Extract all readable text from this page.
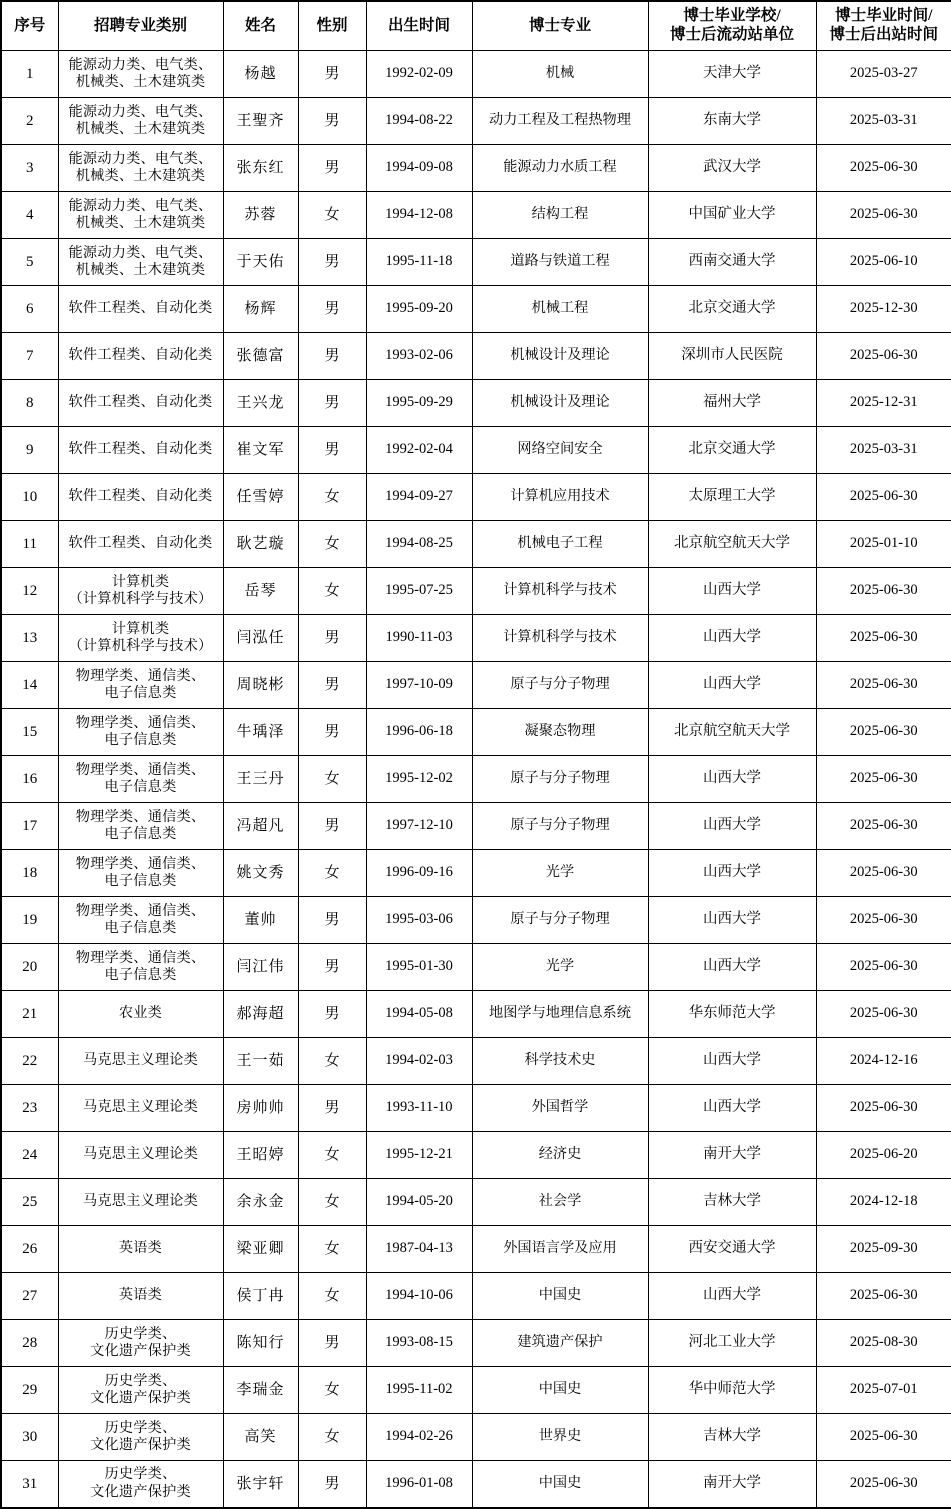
序号	招聘专业类别	姓名	性别	出生时间	博士专业	博士毕业学校/
博士后流动站单位	博士毕业时间/
博士后出站时间

1	能源动力类、电气类、
机械类、土木建筑类	杨越	男	1992-02-09	机械	天津大学	2025-03-27
2	能源动力类、电气类、
机械类、土木建筑类	王聖齐	男	1994-08-22	动力工程及工程热物理	东南大学	2025-03-31
3	能源动力类、电气类、
机械类、土木建筑类	张东红	男	1994-09-08	能源动力水质工程	武汉大学	2025-06-30
4	能源动力类、电气类、
机械类、土木建筑类	苏蓉	女	1994-12-08	结构工程	中国矿业大学	2025-06-30
5	能源动力类、电气类、
机械类、土木建筑类	于天佑	男	1995-11-18	道路与铁道工程	西南交通大学	2025-06-10
6	软件工程类、自动化类	杨辉	男	1995-09-20	机械工程	北京交通大学	2025-12-30
7	软件工程类、自动化类	张德富	男	1993-02-06	机械设计及理论	深圳市人民医院	2025-06-30
8	软件工程类、自动化类	王兴龙	男	1995-09-29	机械设计及理论	福州大学	2025-12-31
9	软件工程类、自动化类	崔文军	男	1992-02-04	网络空间安全	北京交通大学	2025-03-31
10	软件工程类、自动化类	任雪婷	女	1994-09-27	计算机应用技术	太原理工大学	2025-06-30
11	软件工程类、自动化类	耿艺璇	女	1994-08-25	机械电子工程	北京航空航天大学	2025-01-10
12	计算机类
（计算机科学与技术）	岳琴	女	1995-07-25	计算机科学与技术	山西大学	2025-06-30
13	计算机类
（计算机科学与技术）	闫泓任	男	1990-11-03	计算机科学与技术	山西大学	2025-06-30
14	物理学类、通信类、
电子信息类	周晓彬	男	1997-10-09	原子与分子物理	山西大学	2025-06-30
15	物理学类、通信类、
电子信息类	牛瑀泽	男	1996-06-18	凝聚态物理	北京航空航天大学	2025-06-30
16	物理学类、通信类、
电子信息类	王三丹	女	1995-12-02	原子与分子物理	山西大学	2025-06-30
17	物理学类、通信类、
电子信息类	冯超凡	男	1997-12-10	原子与分子物理	山西大学	2025-06-30
18	物理学类、通信类、
电子信息类	姚文秀	女	1996-09-16	光学	山西大学	2025-06-30
19	物理学类、通信类、
电子信息类	董帅	男	1995-03-06	原子与分子物理	山西大学	2025-06-30
20	物理学类、通信类、
电子信息类	闫江伟	男	1995-01-30	光学	山西大学	2025-06-30
21	农业类	郝海超	男	1994-05-08	地图学与地理信息系统	华东师范大学	2025-06-30
22	马克思主义理论类	王一茹	女	1994-02-03	科学技术史	山西大学	2024-12-16
23	马克思主义理论类	房帅帅	男	1993-11-10	外国哲学	山西大学	2025-06-30
24	马克思主义理论类	王昭婷	女	1995-12-21	经济史	南开大学	2025-06-20
25	马克思主义理论类	余永金	女	1994-05-20	社会学	吉林大学	2024-12-18
26	英语类	梁亚卿	女	1987-04-13	外国语言学及应用	西安交通大学	2025-09-30
27	英语类	侯丁冉	女	1994-10-06	中国史	山西大学	2025-06-30
28	历史学类、
文化遗产保护类	陈知行	男	1993-08-15	建筑遗产保护	河北工业大学	2025-08-30
29	历史学类、
文化遗产保护类	李瑞金	女	1995-11-02	中国史	华中师范大学	2025-07-01
30	历史学类、
文化遗产保护类	高笑	女	1994-02-26	世界史	吉林大学	2025-06-30
31	历史学类、
文化遗产保护类	张宇轩	男	1996-01-08	中国史	南开大学	2025-06-30
